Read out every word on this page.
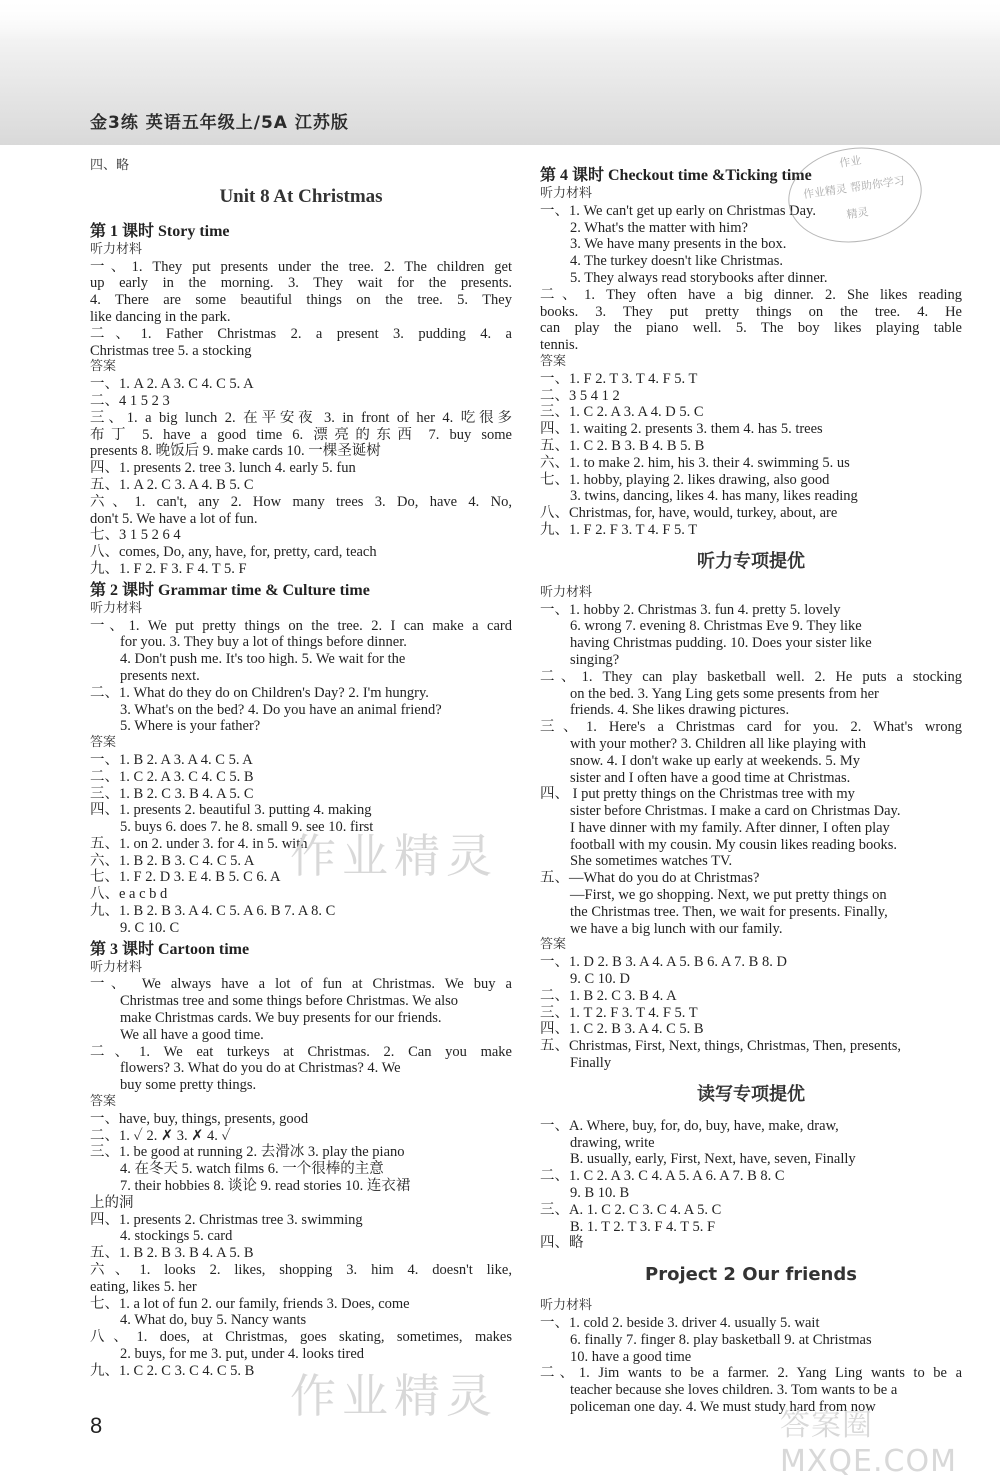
金3练 英语五年级上/5A 江苏版
四、略
Unit 8 At Christmas
第 1 课时 Story time
听力材料
一、1. They put presents under the tree. 2. The children get
up early in the morning. 3. They wait for the presents.
4. There are some beautiful things on the tree. 5. They
like dancing in the park.
二、1. Father Christmas 2. a present 3. pudding 4. a
Christmas tree 5. a stocking
答案
一、1. A 2. A 3. C 4. C 5. A
二、4 1 5 2 3
三、1. a big lunch 2. 在平安夜 3. in front of her 4. 吃很多
布丁 5. have a good time 6. 漂亮的东西 7. buy some
presents 8. 晚饭后 9. make cards 10. 一棵圣诞树
四、1. presents 2. tree 3. lunch 4. early 5. fun
五、1. A 2. C 3. A 4. B 5. C
六、1. can't, any 2. How many trees 3. Do, have 4. No,
don't 5. We have a lot of fun.
七、3 1 5 2 6 4
八、comes, Do, any, have, for, pretty, card, teach
九、1. F 2. F 3. F 4. T 5. F
第 2 课时 Grammar time & Culture time
听力材料
一、1. We put pretty things on the tree. 2. I can make a card
for you. 3. They buy a lot of things before dinner.
4. Don't push me. It's too high. 5. We wait for the
presents next.
二、1. What do they do on Children's Day? 2. I'm hungry.
3. What's on the bed? 4. Do you have an animal friend?
5. Where is your father?
答案
一、1. B 2. A 3. A 4. C 5. A
二、1. C 2. A 3. C 4. C 5. B
三、1. B 2. C 3. B 4. A 5. C
四、1. presents 2. beautiful 3. putting 4. making
5. buys 6. does 7. he 8. small 9. see 10. first
五、1. on 2. under 3. for 4. in 5. with
六、1. B 2. B 3. C 4. C 5. A
七、1. F 2. D 3. E 4. B 5. C 6. A
八、e a c b d
九、1. B 2. B 3. A 4. C 5. A 6. B 7. A 8. C
9. C 10. C
第 3 课时 Cartoon time
听力材料
一、 We always have a lot of fun at Christmas. We buy a
Christmas tree and some things before Christmas. We also
make Christmas cards. We buy presents for our friends.
We all have a good time.
二、1. We eat turkeys at Christmas. 2. Can you make
flowers? 3. What do you do at Christmas? 4. We
buy some pretty things.
答案
一、have, buy, things, presents, good
二、1. ✓ 2. ✗ 3. ✗ 4. ✓
三、1. be good at running 2. 去滑冰 3. play the piano
4. 在冬天 5. watch films 6. 一个很棒的主意
7. their hobbies 8. 谈论 9. read stories 10. 连衣裙
上的洞
四、1. presents 2. Christmas tree 3. swimming
4. stockings 5. card
五、1. B 2. B 3. B 4. A 5. B
六、1. looks 2. likes, shopping 3. him 4. doesn't like,
eating, likes 5. her
七、1. a lot of fun 2. our family, friends 3. Does, come
4. What do, buy 5. Nancy wants
八、1. does, at Christmas, goes skating, sometimes, makes
2. buys, for me 3. put, under 4. looks tired
九、1. C 2. C 3. C 4. C 5. B
第 4 课时 Checkout time &Ticking time
听力材料
一、1. We can't get up early on Christmas Day.
2. What's the matter with him?
3. We have many presents in the box.
4. The turkey doesn't like Christmas.
5. They always read storybooks after dinner.
二、1. They often have a big dinner. 2. She likes reading
books. 3. They put pretty things on the tree. 4. He
can play the piano well. 5. The boy likes playing table
tennis.
答案
一、1. F 2. T 3. T 4. F 5. T
二、3 5 4 1 2
三、1. C 2. A 3. A 4. D 5. C
四、1. waiting 2. presents 3. them 4. has 5. trees
五、1. C 2. B 3. B 4. B 5. B
六、1. to make 2. him, his 3. their 4. swimming 5. us
七、1. hobby, playing 2. likes drawing, also good
3. twins, dancing, likes 4. has many, likes reading
八、Christmas, for, have, would, turkey, about, are
九、1. F 2. F 3. T 4. F 5. T
听力专项提优
听力材料
一、1. hobby 2. Christmas 3. fun 4. pretty 5. lovely
6. wrong 7. evening 8. Christmas Eve 9. They like
having Christmas pudding. 10. Does your sister like
singing?
二、1. They can play basketball well. 2. He puts a stocking
on the bed. 3. Yang Ling gets some presents from her
friends. 4. She likes drawing pictures.
三、1. Here's a Christmas card for you. 2. What's wrong
with your mother? 3. Children all like playing with
snow. 4. I don't wake up early at weekends. 5. My
sister and I often have a good time at Christmas.
四、 I put pretty things on the Christmas tree with my
sister before Christmas. I make a card on Christmas Day.
I have dinner with my family. After dinner, I often play
football with my cousin. My cousin likes reading books.
She sometimes watches TV.
五、—What do you do at Christmas?
—First, we go shopping. Next, we put pretty things on
the Christmas tree. Then, we wait for presents. Finally,
we have a big lunch with our family.
答案
一、1. D 2. B 3. A 4. A 5. B 6. A 7. B 8. D
9. C 10. D
二、1. B 2. C 3. B 4. A
三、1. T 2. F 3. T 4. F 5. T
四、1. C 2. B 3. A 4. C 5. B
五、Christmas, First, Next, things, Christmas, Then, presents,
Finally
读写专项提优
一、A. Where, buy, for, do, buy, have, make, draw,
drawing, write
B. usually, early, First, Next, have, seven, Finally
二、1. C 2. A 3. C 4. A 5. A 6. A 7. B 8. C
9. B 10. B
三、A. 1. C 2. C 3. C 4. A 5. C
B. 1. T 2. T 3. F 4. T 5. F
四、略
Project 2 Our friends
听力材料
一、1. cold 2. beside 3. driver 4. usually 5. wait
6. finally 7. finger 8. play basketball 9. at Christmas
10. have a good time
二、1. Jim wants to be a farmer. 2. Yang Ling wants to be a
teacher because she loves children. 3. Tom wants to be a
policeman one day. 4. We must study hard from now
作业
作业精灵 帮助你学习
精灵
作业精灵
作业精灵
答案圈 MXQE.COM
8
